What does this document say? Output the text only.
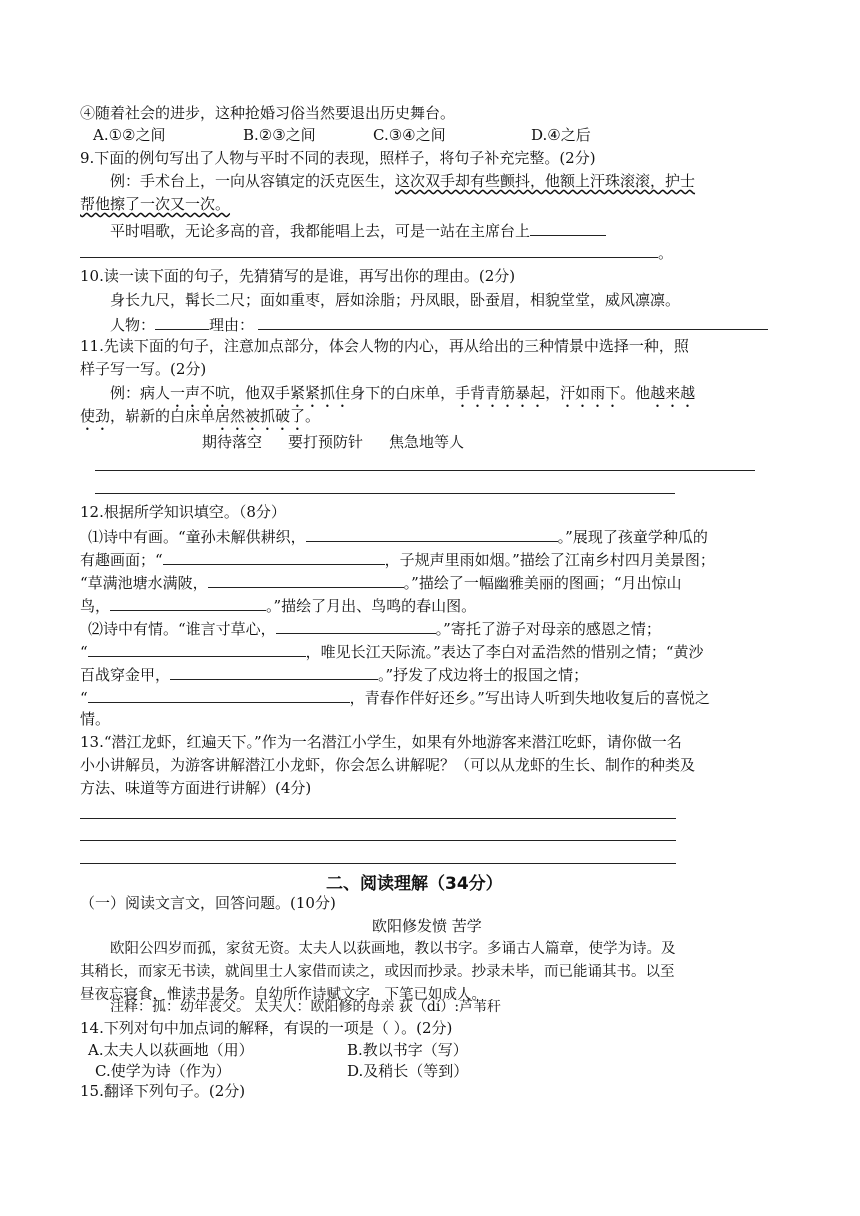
④随着社会的进步，这种抢婚习俗当然要退出历史舞台。
A.①②之间	B.②③之间	C.③④之间	D.④之后
9.下面的例句写出了人物与平时不同的表现，照样子，将句子补充完整。(2分)
例：手术台上，一向从容镇定的沃克医生，这次双手却有些颤抖，他额上汗珠滚滚，护士
帮他擦了一次又一次。
平时唱歌，无论多高的音，我都能唱上去，可是一站在主席台上
。
10.读一读下面的句子，先猜猜写的是谁，再写出你的理由。(2分)
身长九尺，髯长二尺；面如重枣，唇如涂脂；丹凤眼，卧蚕眉，相貌堂堂，威风凛凛。
人物：	理由：
11.先读下面的句子，注意加点部分，体会人物的内心，再从给出的三种情景中选择一种，照
样子写一写。(2分)
例：病人一声不吭，他双手紧紧抓住身下的白床单，手背青筋暴起，汗如雨下。他越来越
使劲，崭新的白床单居然被抓破了。
期待落空 要打预防针 焦急地等人
12.根据所学知识填空。（8分）
⑴诗中有画。“童孙未解供耕织，	。”展现了孩童学种瓜的
有趣画面；“	，子规声里雨如烟。”描绘了江南乡村四月美景图；
“草满池塘水满陂，	。”描绘了一幅幽雅美丽的图画；“月出惊山
鸟，	。”描绘了月出、鸟鸣的春山图。
⑵诗中有情。“谁言寸草心，	。”寄托了游子对母亲的感恩之情；
“	，唯见长江天际流。”表达了李白对孟浩然的惜别之情；“黄沙
百战穿金甲，	。”抒发了戍边将士的报国之情；
“	，青春作伴好还乡。”写出诗人听到失地收复后的喜悦之
情。
13.“潜江龙虾，红遍天下。”作为一名潜江小学生，如果有外地游客来潜江吃虾，请你做一名
小小讲解员，为游客讲解潜江小龙虾，你会怎么讲解呢？（可以从龙虾的生长、制作的种类及
方法、味道等方面进行讲解）(4分)
二、阅读理解（34分）
（一）阅读文言文，回答问题。(10分)
欧阳修发愤 苦学
欧阳公四岁而孤，家贫无资。太夫人以荻画地，教以书字。多诵古人篇章，使学为诗。及
其稍长，而家无书读，就闾里士人家借而读之，或因而抄录。抄录未毕，而已能诵其书。以至
昼夜忘寝食，惟读书是务。自幼所作诗赋文字，下笔已如成人。
注释：孤：幼年丧父。 太夫人：欧阳修的母亲 荻（dí）:芦苇秆
14.下列对句中加点词的解释，有误的一项是（ ）。(2分)
A.太夫人以荻画地（用）	B.教以书字（写）
C.使学为诗（作为）	D.及稍长（等到）
15.翻译下列句子。(2分)
